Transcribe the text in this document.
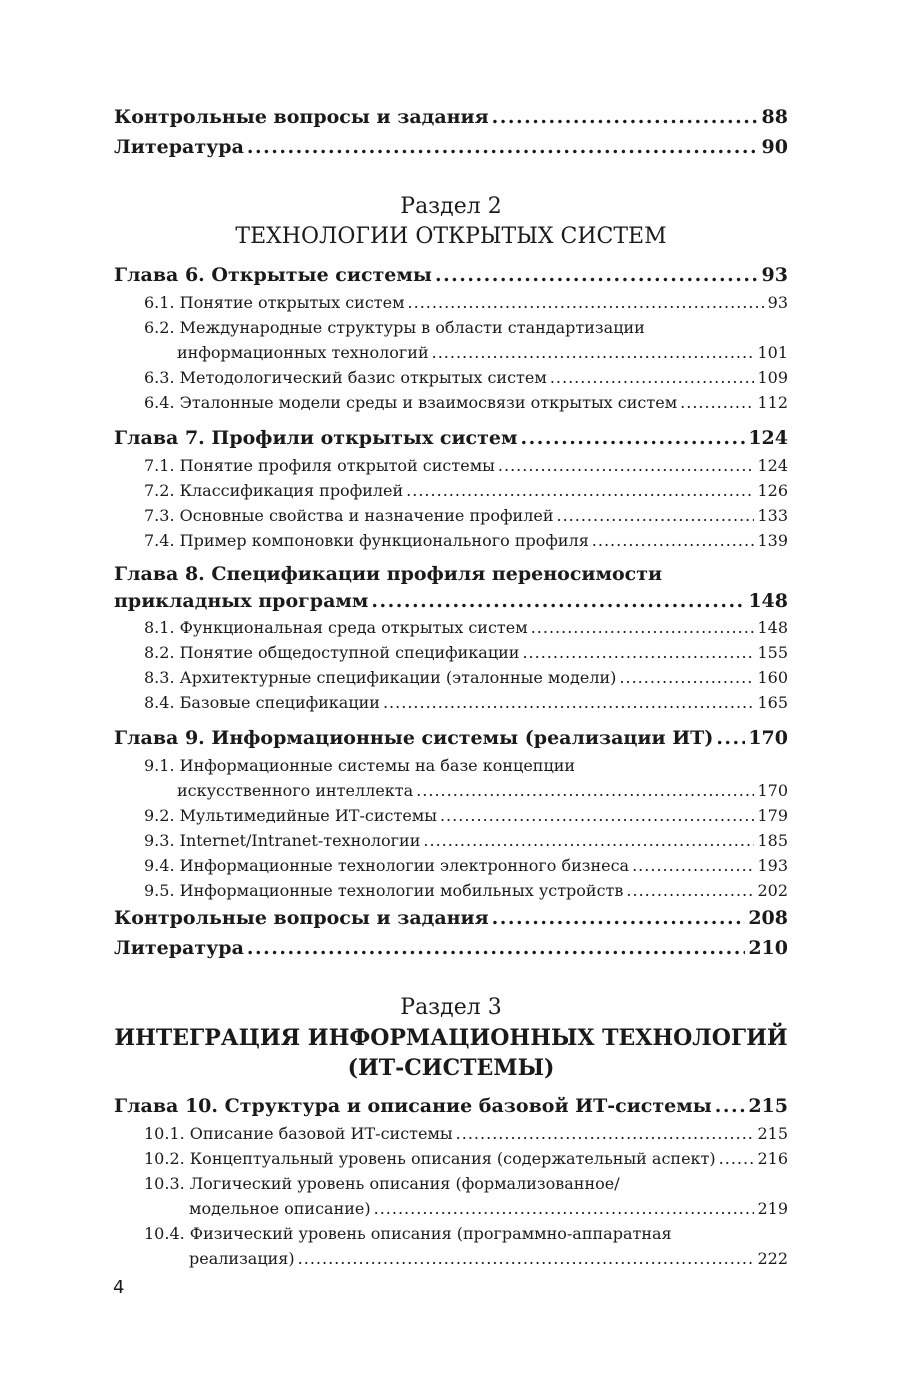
Контрольные вопросы и задания .....	88
Литература .....	90
Раздел 2
ТЕХНОЛОГИИ ОТКРЫТЫХ СИСТЕМ
Глава 6. Открытые системы .....	93
6.1. Понятие открытых систем .....	93
6.2. Международные структуры в области стандартизации
информационных технологий .....	101
6.3. Методологический базис открытых систем .....	109
6.4. Эталонные модели среды и взаимосвязи открытых систем .....	112
Глава 7. Профили открытых систем .....	124
7.1. Понятие профиля открытой системы .....	124
7.2. Классификация профилей .....	126
7.3. Основные свойства и назначение профилей .....	133
7.4. Пример компоновки функционального профиля .....	139
Глава 8. Спецификации профиля переносимости
прикладных программ .....	148
8.1. Функциональная среда открытых систем .....	148
8.2. Понятие общедоступной спецификации .....	155
8.3. Архитектурные спецификации (эталонные модели) .....	160
8.4. Базовые спецификации .....	165
Глава 9. Информационные системы (реализации ИТ) ..... 170
9.1. Информационные системы на базе концепции
искусственного интеллекта .....	170
9.2. Мультимедийные ИТ-системы .....	179
9.3. Internet/Intranet-технологии .....	185
9.4. Информационные технологии электронного бизнеса .....	193
9.5. Информационные технологии мобильных устройств .....	202
Контрольные вопросы и задания .....	208
Литература .....	210
Раздел 3
ИНТЕГРАЦИЯ ИНФОРМАЦИОННЫХ ТЕХНОЛОГИЙ
(ИТ-СИСТЕМЫ)
Глава 10. Структура и описание базовой ИТ-системы ..... 215
10.1. Описание базовой ИТ-системы .....	215
10.2. Концептуальный уровень описания (содержательный аспект) .....	216
10.3. Логический уровень описания (формализованное/
модельное описание) .....	219
10.4. Физический уровень описания (программно-аппаратная
реализация) .....	222
4
